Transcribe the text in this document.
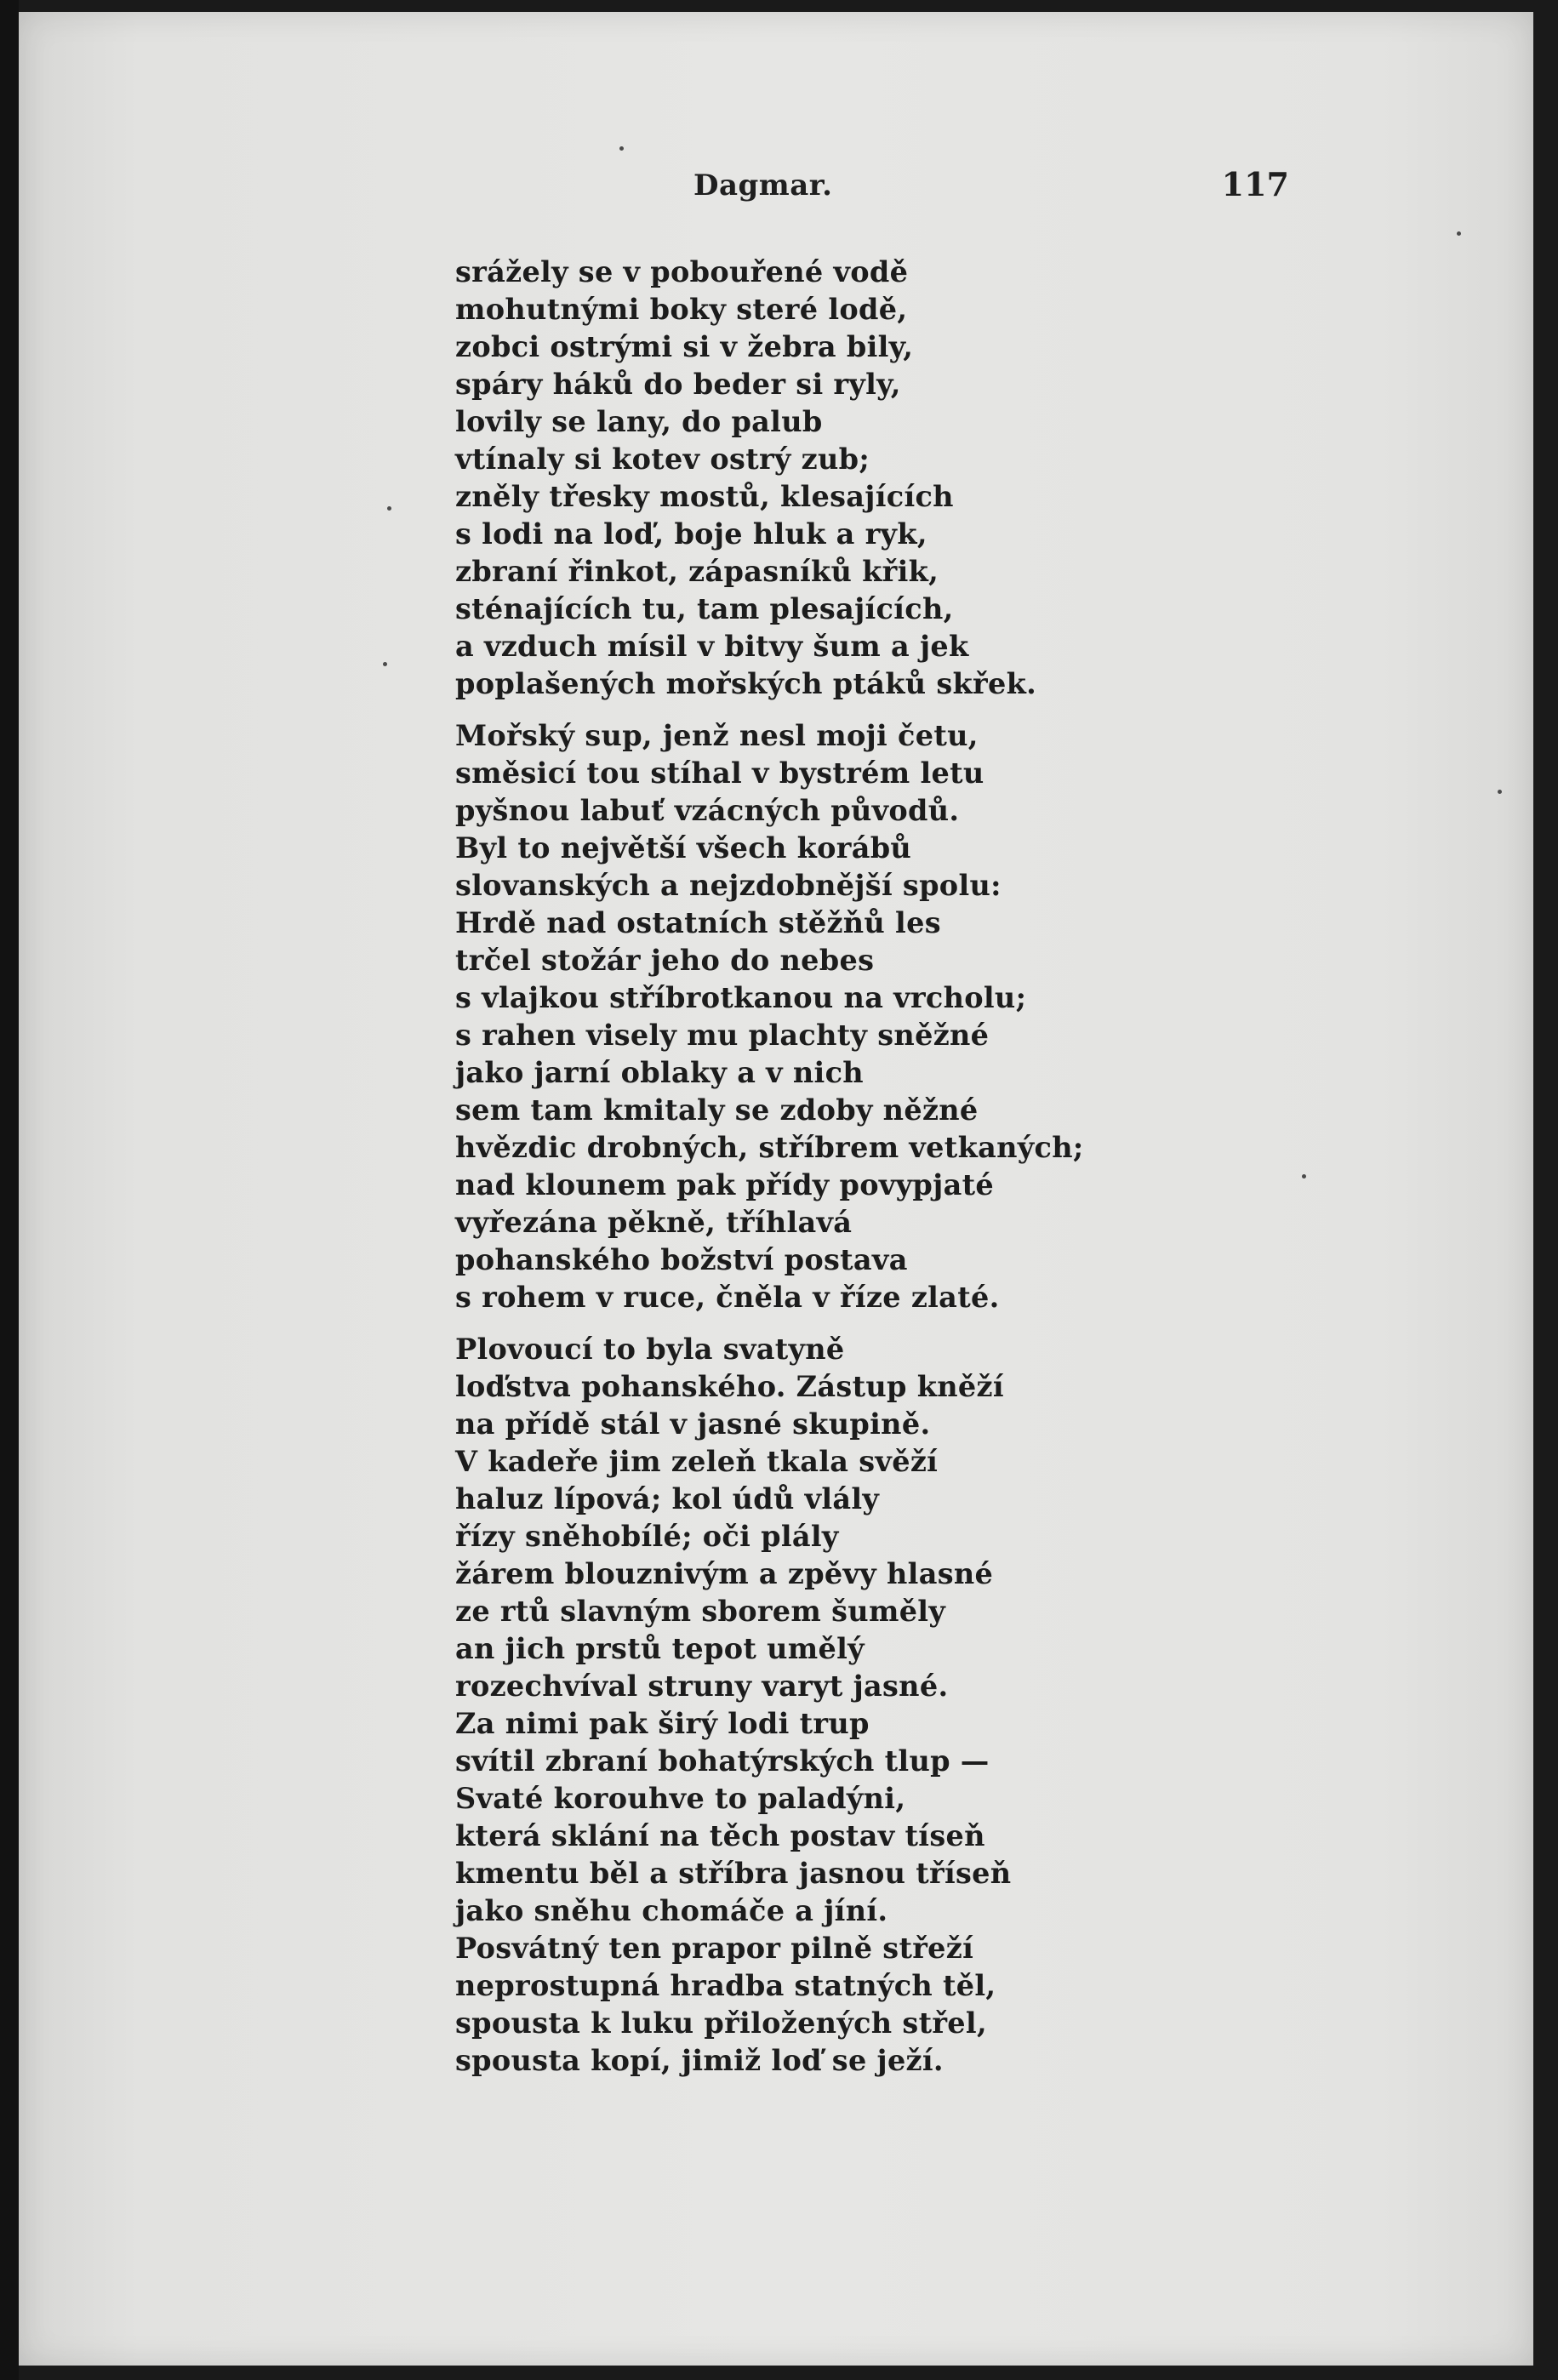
Dagmar.	117
srážely se v pobouřené vodě
mohutnými boky steré lodě,
zobci ostrými si v žebra bily,
spáry háků do beder si ryly,
lovily se lany, do palub
vtínaly si kotev ostrý zub;
zněly třesky mostů, klesajících
s lodi na loď, boje hluk a ryk,
zbraní řinkot, zápasníků křik,
sténajících tu, tam plesajících,
a vzduch mísil v bitvy šum a jek
poplašených mořských ptáků skřek.
Mořský sup, jenž nesl moji četu,
směsicí tou stíhal v bystrém letu
pyšnou labuť vzácných původů.
Byl to největší všech korábů
slovanských a nejzdobnější spolu:
Hrdě nad ostatních stěžňů les
trčel stožár jeho do nebes
s vlajkou stříbrotkanou na vrcholu;
s rahen visely mu plachty sněžné
jako jarní oblaky a v nich
sem tam kmitaly se zdoby něžné
hvězdic drobných, stříbrem vetkaných;
nad klounem pak přídy povypjaté
vyřezána pěkně, tříhlavá
pohanského božství postava
s rohem v ruce, čněla v říze zlaté.
Plovoucí to byla svatyně
loďstva pohanského. Zástup kněží
na přídě stál v jasné skupině.
V kadeře jim zeleň tkala svěží
haluz lípová; kol údů vlály
řízy sněhobílé; oči plály
žárem blouznivým a zpěvy hlasné
ze rtů slavným sborem šuměly
an jich prstů tepot umělý
rozechvíval struny varyt jasné.
Za nimi pak širý lodi trup
svítil zbraní bohatýrských tlup —
Svaté korouhve to paladýni,
která sklání na těch postav tíseň
kmentu běl a stříbra jasnou tříseň
jako sněhu chomáče a jíní.
Posvátný ten prapor pilně střeží
neprostupná hradba statných těl,
spousta k luku přiložených střel,
spousta kopí, jimiž loď se ježí.
